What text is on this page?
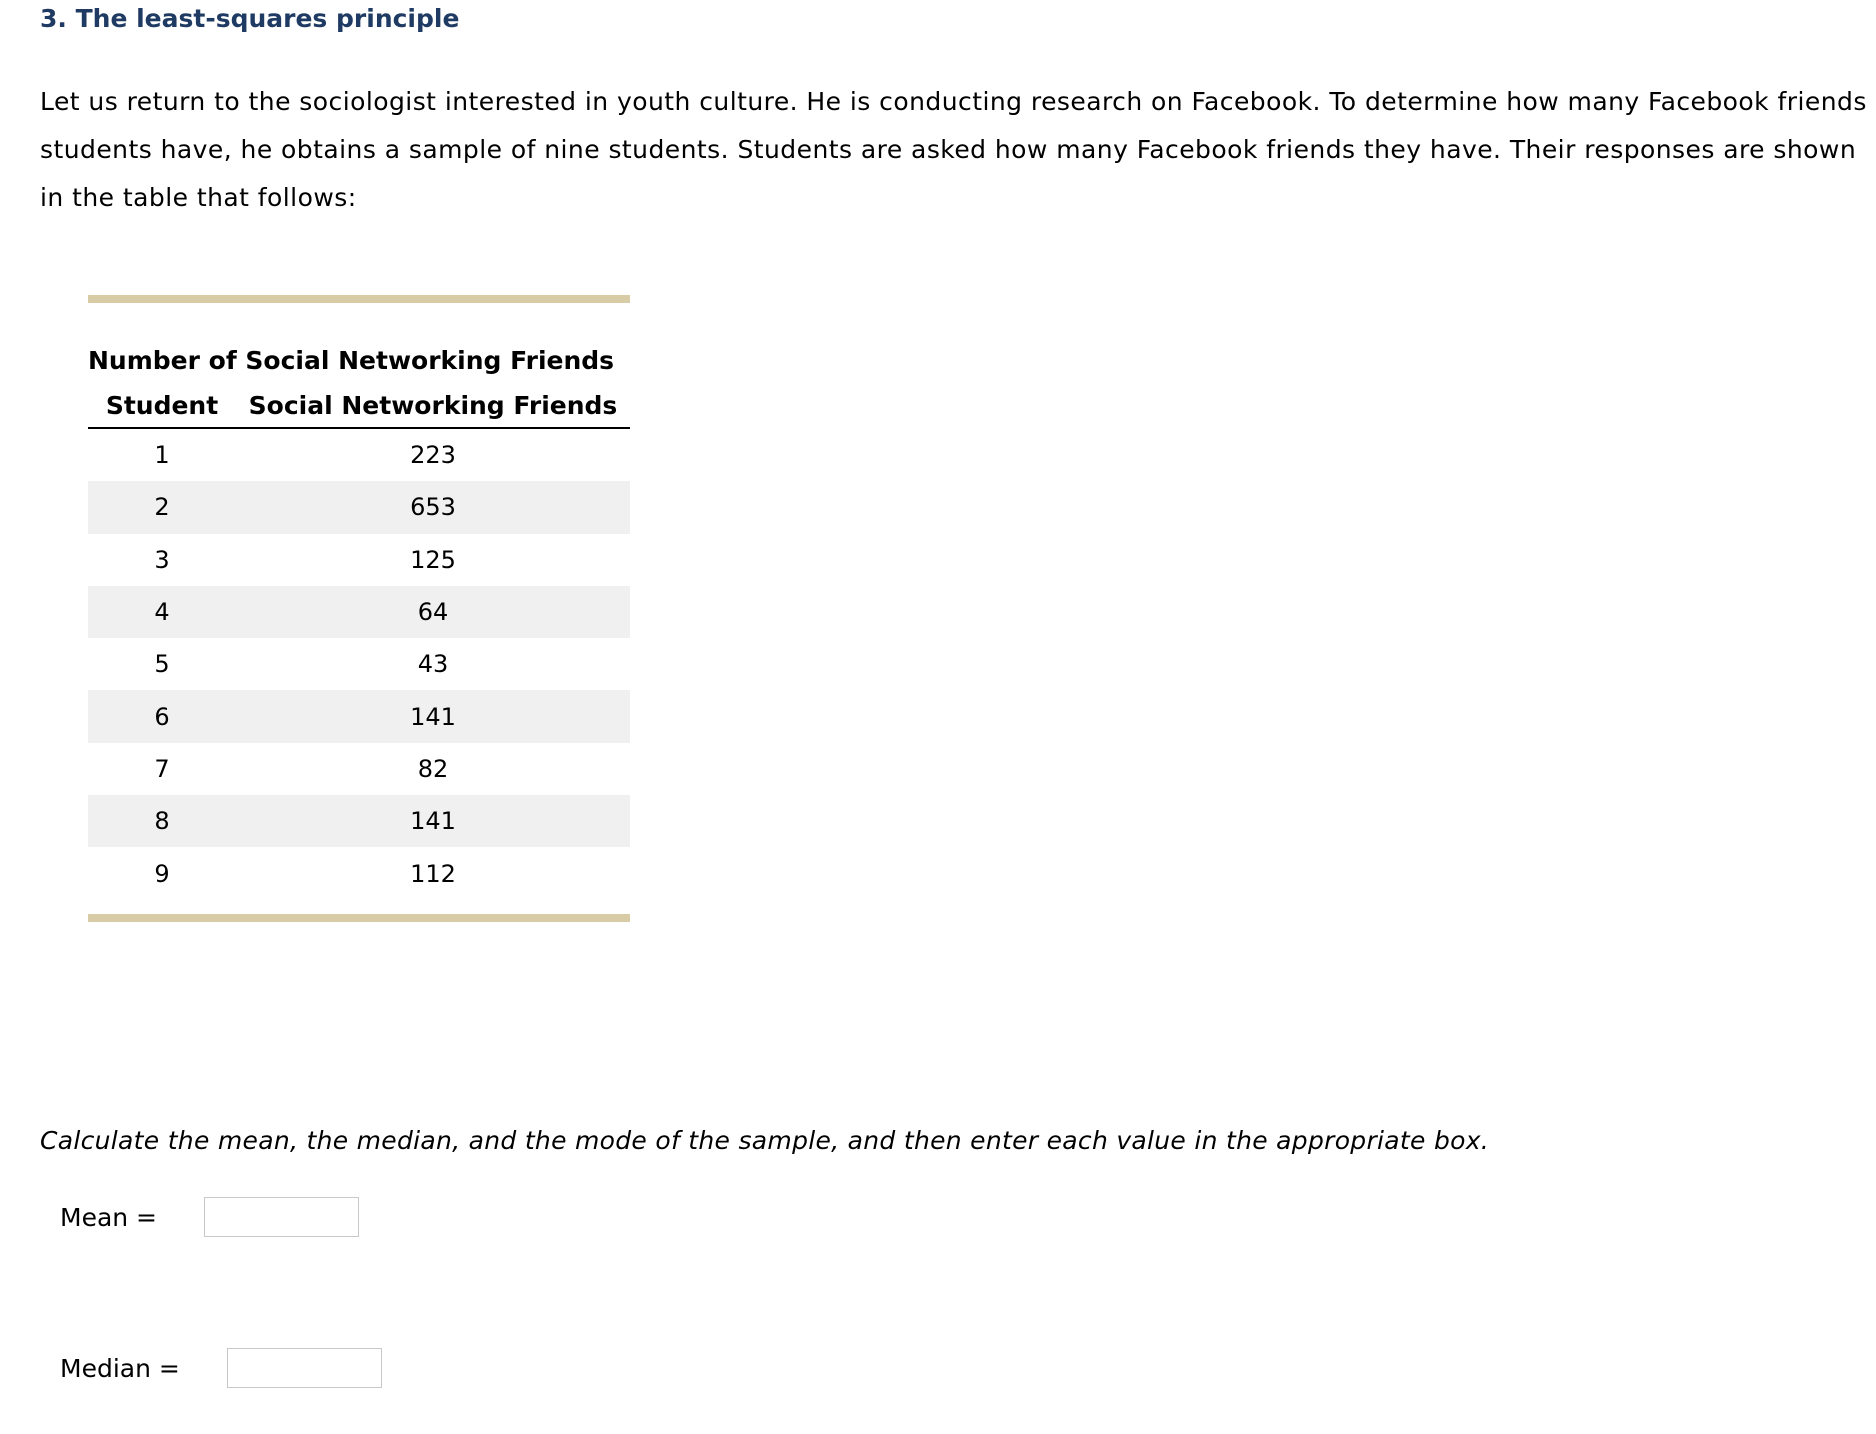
3. The least-squares principle

Let us return to the sociologist interested in youth culture. He is conducting research on Facebook. To determine how many Facebook friends students have, he obtains a sample of nine students. Students are asked how many Facebook friends they have. Their responses are shown in the table that follows:

Number of Social Networking Friends
Student	Social Networking Friends
1	223
2	653
3	125
4	64
5	43
6	141
7	82
8	141
9	112
Calculate the mean, the median, and the mode of the sample, and then enter each value in the appropriate box.
Mean =
Median =
